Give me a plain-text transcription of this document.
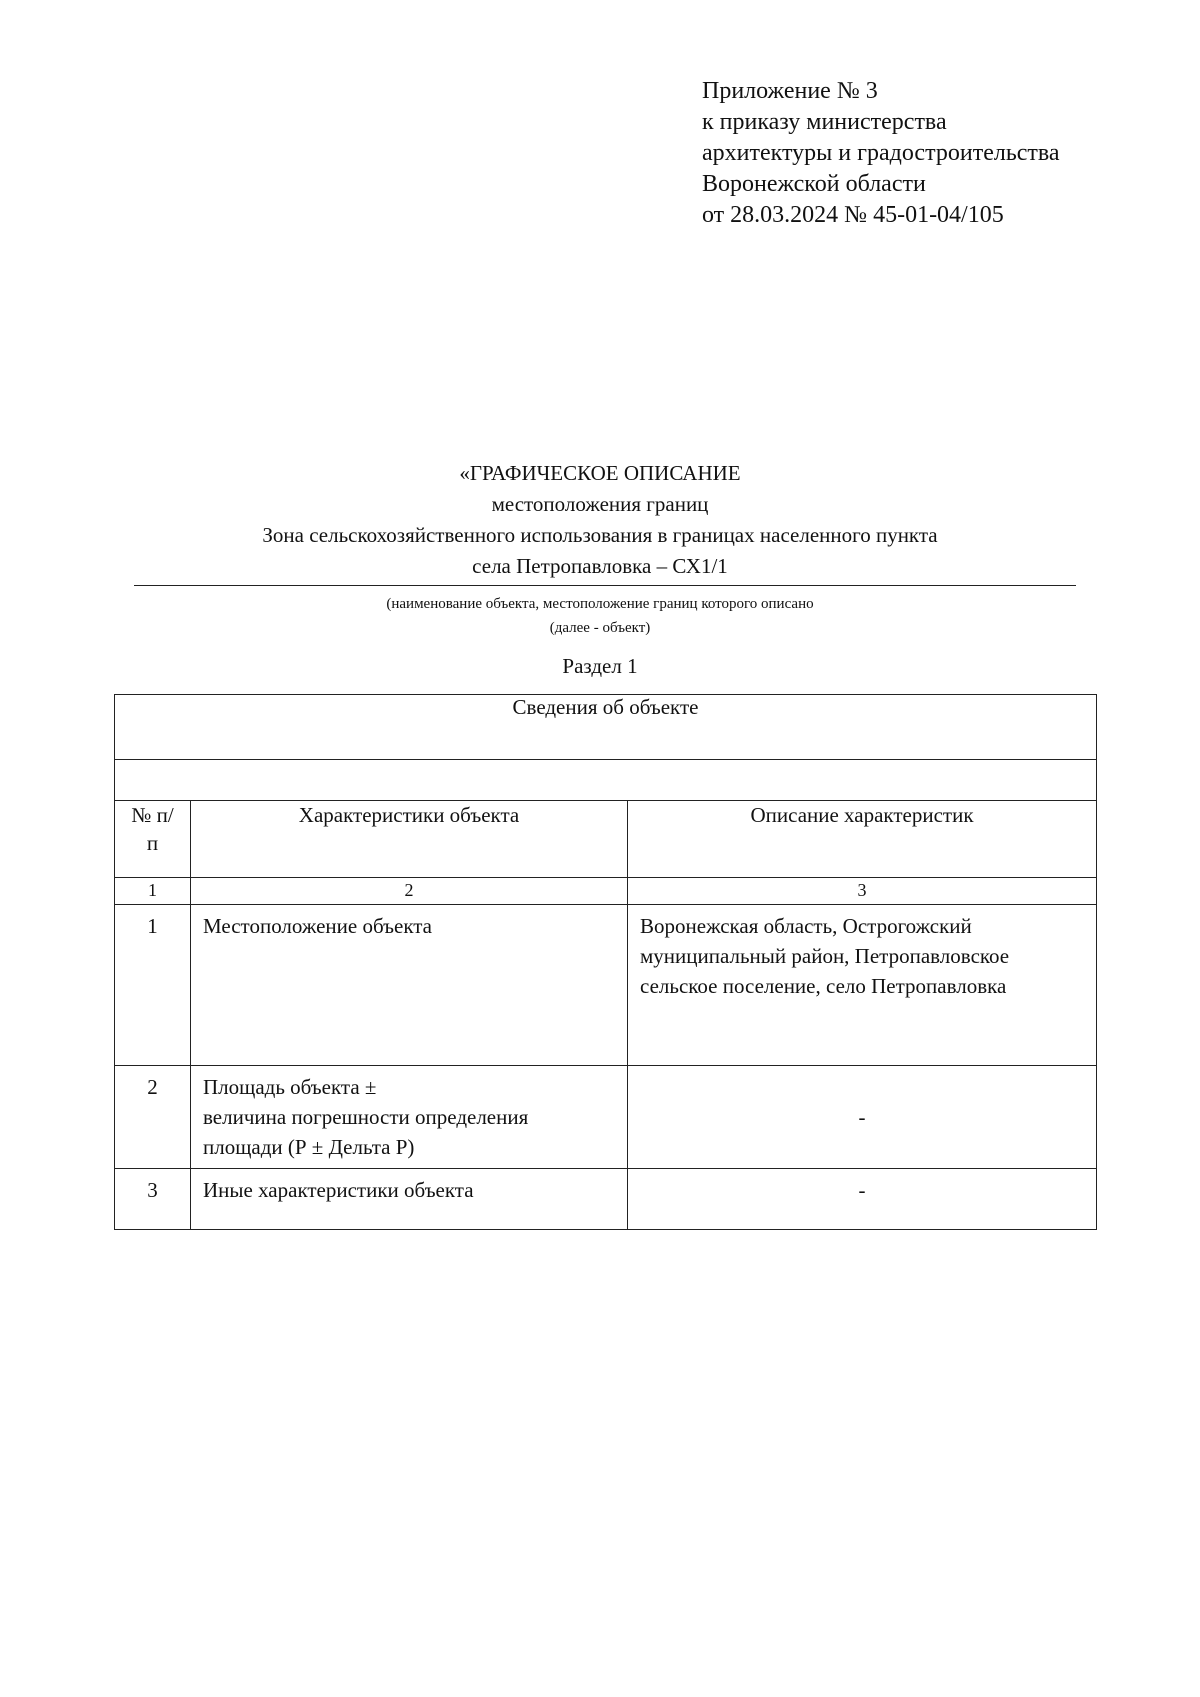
Приложение № 3
к приказу министерства
архитектуры и градостроительства
Воронежской области
от 28.03.2024 № 45-01-04/105
«ГРАФИЧЕСКОЕ ОПИСАНИЕ
местоположения границ
Зона сельскохозяйственного использования в границах населенного пункта
села Петропавловка – СХ1/1
(наименование объекта, местоположение границ которого описано
(далее - объект)
Раздел 1
Сведения об объекте		

№ п/п	Характеристики объекта	Описание характеристик
1	2	3
1	Местоположение объекта	Воронежская область, Острогожский муниципальный район, Петропавловское сельское поселение, село Петропавловка
2	Площадь объекта ±
величина погрешности определения
площади (Р ± Дельта Р)	-
3	Иные характеристики объекта	-
